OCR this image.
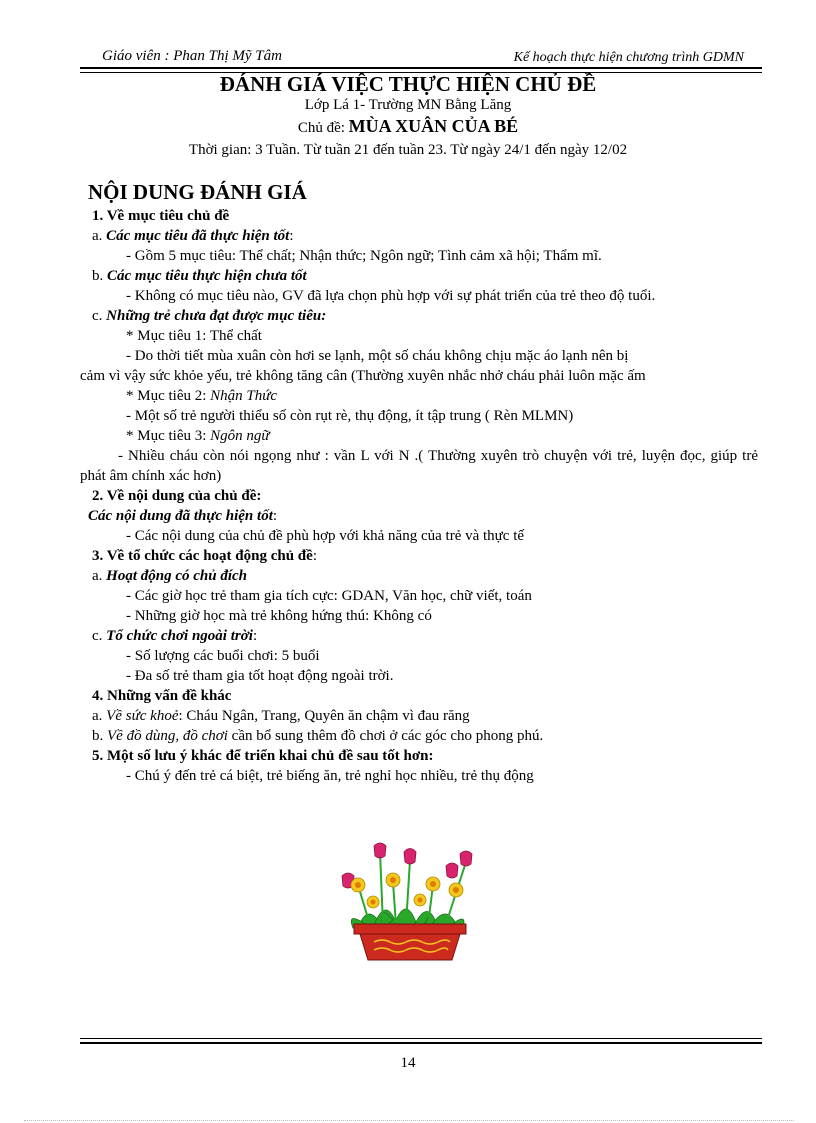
Giáo viên : Phan Thị Mỹ Tâm	Kế hoạch thực hiện chương trình GDMN
ĐÁNH GIÁ VIỆC THỰC HIỆN CHỦ ĐỀ
Lớp Lá 1- Trường MN Bằng Lăng
Chủ đề: MÙA XUÂN CỦA BÉ
Thời gian: 3 Tuần. Từ tuần 21 đến tuần 23. Từ ngày 24/1 đến ngày 12/02
NỘI DUNG ĐÁNH GIÁ
1. Về mục tiêu chủ đề
a. Các mục tiêu đã thực hiện tốt:
- Gồm 5 mục tiêu: Thể chất; Nhận thức; Ngôn ngữ; Tình cảm xã hội; Thẩm mĩ.
b. Các mục tiêu thực hiện chưa tốt
- Không có mục tiêu nào, GV đã lựa chọn phù hợp với sự phát triển của trẻ theo độ tuổi.
c. Những trẻ chưa đạt được mục tiêu:
* Mục tiêu 1: Thể chất
- Do thời tiết mùa xuân còn hơi se lạnh, một số cháu không chịu mặc áo lạnh nên bị
cảm vì vậy sức khỏe yếu, trẻ không tăng cân (Thường xuyên nhắc nhở cháu phải luôn mặc ấm
* Mục tiêu 2: Nhận Thức
- Một số trẻ người thiểu số còn rụt rè, thụ động, ít tập trung ( Rèn MLMN)
* Mục tiêu 3: Ngôn ngữ
- Nhiều cháu còn nói ngọng như : vần L với N .( Thường xuyên trò chuyện với trẻ, luyện đọc, giúp trẻ phát âm chính xác hơn)
2. Về nội dung của chủ đề:
Các nội dung đã thực hiện tốt:
- Các nội dung của chủ đề phù hợp với khả năng của trẻ và thực tế
3. Về tổ chức các hoạt động chủ đề:
a. Hoạt động có chủ đích
- Các giờ học trẻ tham gia tích cực: GDAN, Văn học, chữ viết, toán
- Những giờ học mà trẻ không hứng thú: Không có
c. Tổ chức chơi ngoài trời:
- Số lượng các buổi chơi: 5 buổi
- Đa số trẻ tham gia tốt hoạt động ngoài trời.
4. Những vấn đề khác
a. Về sức khoẻ: Cháu Ngân, Trang, Quyên ăn chậm vì đau răng
b. Về đồ dùng, đồ chơi cần bổ sung thêm đồ chơi ở các góc cho phong phú.
5. Một số lưu ý khác để triển khai chủ đề sau tốt hơn:
- Chú ý đến trẻ cá biệt, trẻ biếng ăn, trẻ nghỉ học nhiều, trẻ thụ động
14
